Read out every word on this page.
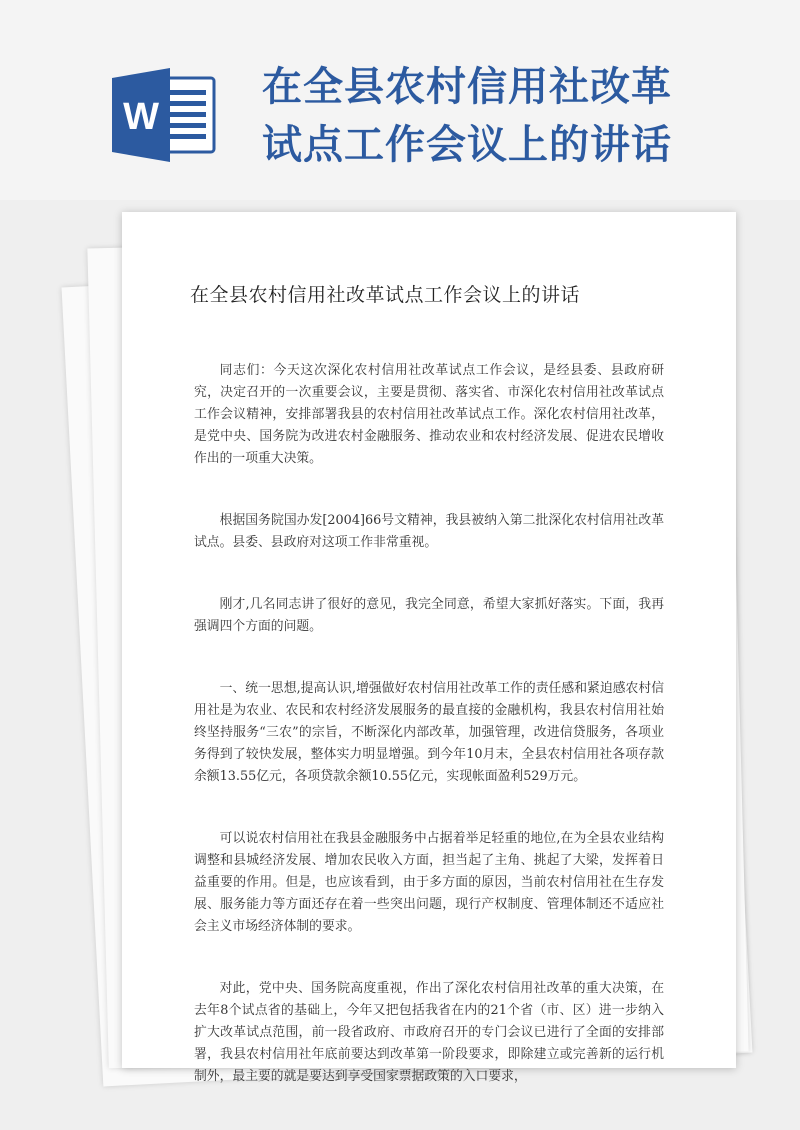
W
在全县农村信用社改革
试点工作会议上的讲话
在全县农村信用社改革试点工作会议上的讲话

同志们：今天这次深化农村信用社改革试点工作会议，是经县委、县政府研究，决定召开的一次重要会议，主要是贯彻、落实省、市深化农村信用社改革试点工作会议精神，安排部署我县的农村信用社改革试点工作。深化农村信用社改革，是党中央、国务院为改进农村金融服务、推动农业和农村经济发展、促进农民增收作出的一项重大决策。

根据国务院国办发[2004]66号文精神，我县被纳入第二批深化农村信用社改革试点。县委、县政府对这项工作非常重视。

刚才,几名同志讲了很好的意见，我完全同意，希望大家抓好落实。下面，我再强调四个方面的问题。

一、统一思想,提高认识,增强做好农村信用社改革工作的责任感和紧迫感农村信用社是为农业、农民和农村经济发展服务的最直接的金融机构，我县农村信用社始终坚持服务“三农”的宗旨，不断深化内部改革，加强管理，改进信贷服务，各项业务得到了较快发展，整体实力明显增强。到今年10月末，全县农村信用社各项存款余额13.55亿元，各项贷款余额10.55亿元，实现帐面盈利529万元。

可以说农村信用社在我县金融服务中占据着举足轻重的地位,在为全县农业结构调整和县城经济发展、增加农民收入方面，担当起了主角、挑起了大梁，发挥着日益重要的作用。但是，也应该看到，由于多方面的原因，当前农村信用社在生存发展、服务能力等方面还存在着一些突出问题，现行产权制度、管理体制还不适应社会主义市场经济体制的要求。

对此，党中央、国务院高度重视，作出了深化农村信用社改革的重大决策，在去年8个试点省的基础上，今年又把包括我省在内的21个省（市、区）进一步纳入扩大改革试点范围，前一段省政府、市政府召开的专门会议已进行了全面的安排部署，我县农村信用社年底前要达到改革第一阶段要求，即除建立或完善新的运行机制外，最主要的就是要达到享受国家票据政策的入口要求，
